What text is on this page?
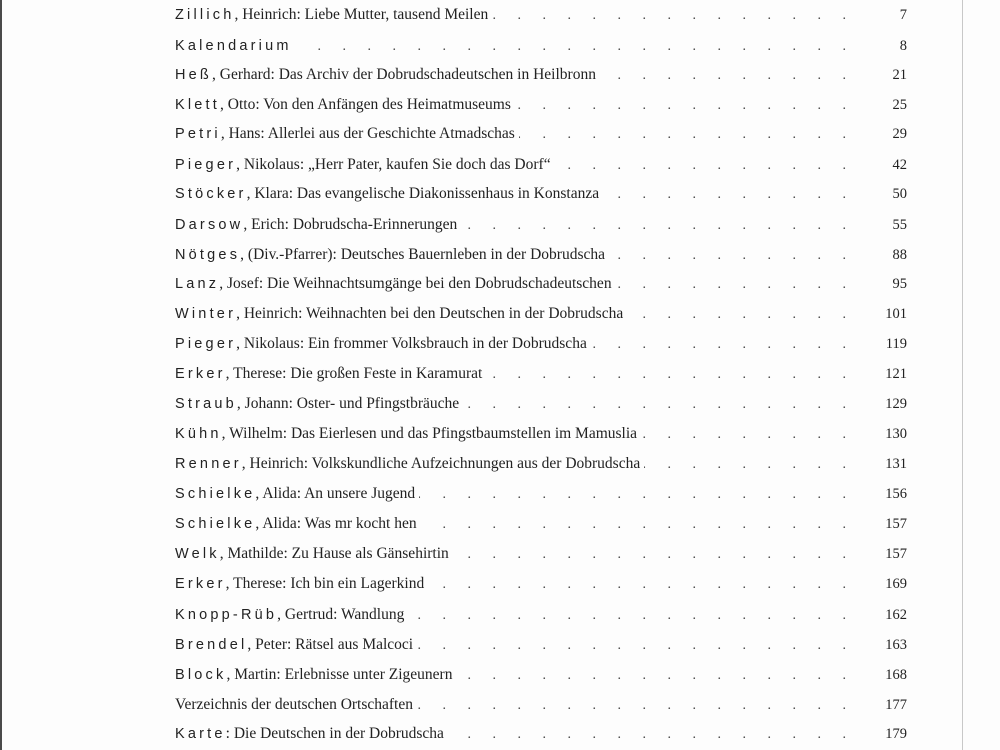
Zillich , Heinrich: Liebe Mutter, tausend Meilen . . .	7
Kalendarium . . .	8
Heß , Gerhard: Das Archiv der Dobrudschadeutschen in Heilbronn . . .	21
Klett , Otto: Von den Anfängen des Heimatmuseums . . .	25
Petri , Hans: Allerlei aus der Geschichte Atmadschas . . .	29
Pieger , Nikolaus: „Herr Pater, kaufen Sie doch das Dorf“ . . .	42
Stöcker , Klara: Das evangelische Diakonissenhaus in Konstanza . . .	50
Darsow , Erich: Dobrudscha-Erinnerungen . . .	55
Nötges , (Div.-Pfarrer): Deutsches Bauernleben in der Dobrudscha . . .	88
Lanz , Josef: Die Weihnachtsumgänge bei den Dobrudschadeutschen . . .	95
Winter , Heinrich: Weihnachten bei den Deutschen in der Dobrudscha . . .	101
Pieger , Nikolaus: Ein frommer Volksbrauch in der Dobrudscha . . .	119
Erker , Therese: Die großen Feste in Karamurat . . .	121
Straub , Johann: Oster- und Pfingstbräuche . . .	129
Kühn , Wilhelm: Das Eierlesen und das Pfingstbaumstellen im Mamuslia . . .	130
Renner , Heinrich: Volkskundliche Aufzeichnungen aus der Dobrudscha . . .	131
Schielke , Alida: An unsere Jugend . . .	156
Schielke , Alida: Was mr kocht hen . . .	157
Welk , Mathilde: Zu Hause als Gänsehirtin . . .	157
Erker , Therese: Ich bin ein Lagerkind . . .	169
Knopp-Rüb , Gertrud: Wandlung . . .	162
Brendel , Peter: Rätsel aus Malcoci . . .	163
Block , Martin: Erlebnisse unter Zigeunern . . .	168
Verzeichnis der deutschen Ortschaften . . .	177
Karte : Die Deutschen in der Dobrudscha . . .	179
